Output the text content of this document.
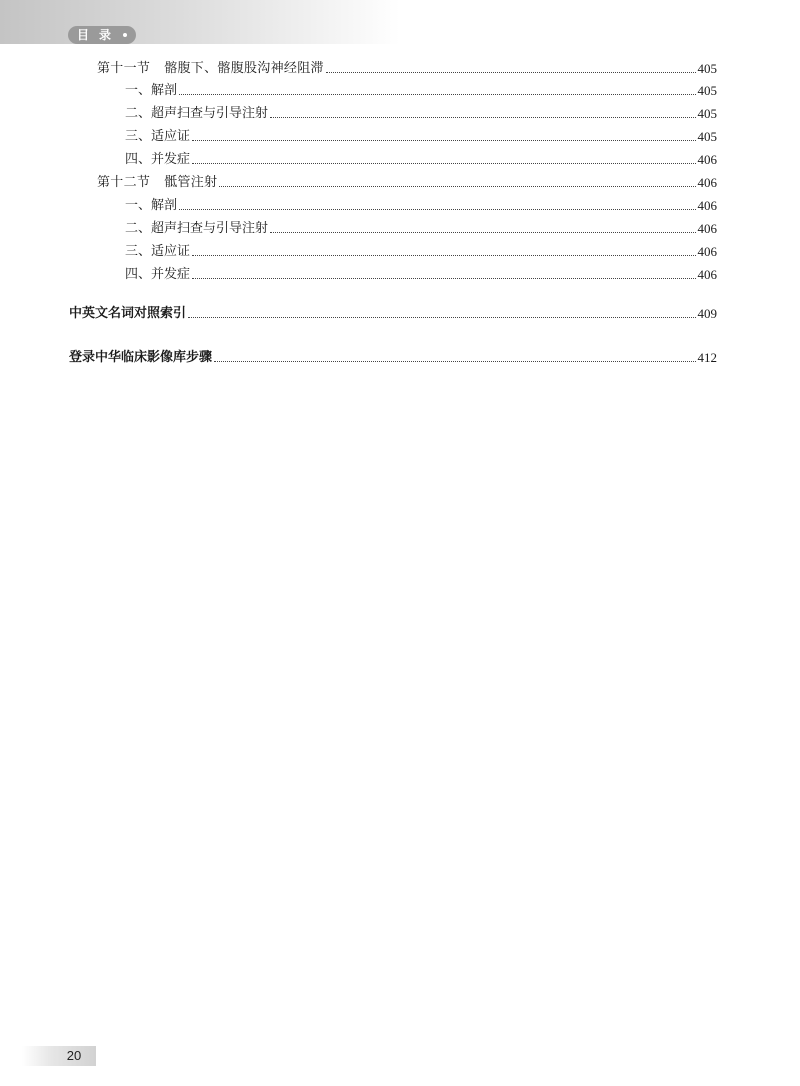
目录
第十一节 髂腹下、髂腹股沟神经阻滞	405
一、解剖	405
二、超声扫查与引导注射	405
三、适应证	405
四、并发症	406
第十二节 骶管注射	406
一、解剖	406
二、超声扫查与引导注射	406
三、适应证	406
四、并发症	406
中英文名词对照索引	409
登录中华临床影像库步骤	412
20
